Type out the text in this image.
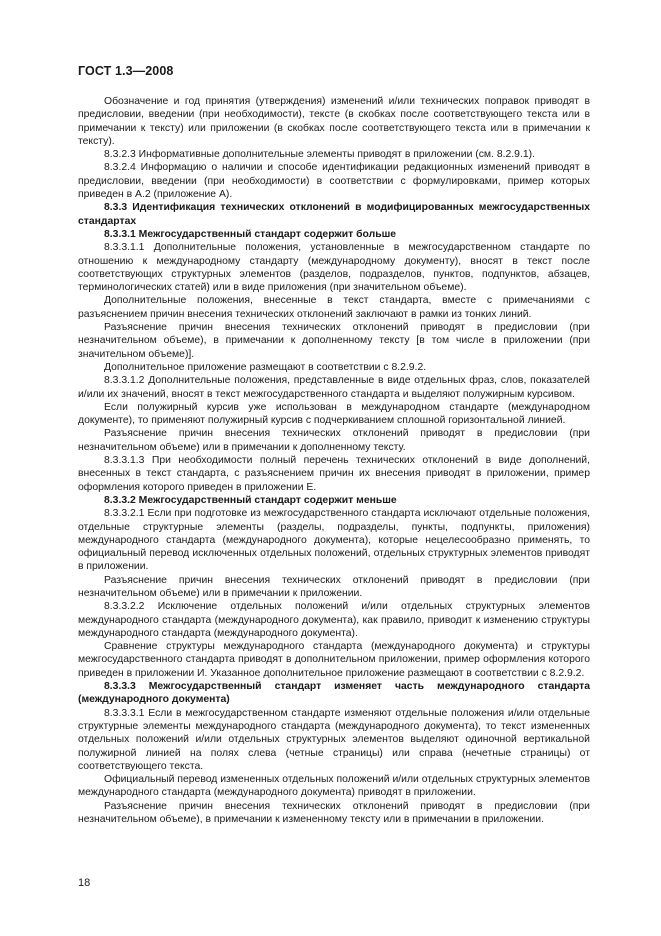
ГОСТ 1.3—2008

Обозначение и год принятия (утверждения) изменений и/или технических поправок приводят в предисловии, введении (при необходимости), тексте (в скобках после соответствующего текста или в примечании к тексту) или приложении (в скобках после соответствующего текста или в примечании к тексту).

8.3.2.3 Информативные дополнительные элементы приводят в приложении (см. 8.2.9.1).

8.3.2.4 Информацию о наличии и способе идентификации редакционных изменений приводят в предисловии, введении (при необходимости) в соответствии с формулировками, пример которых приведен в А.2 (приложение А).

8.3.3 Идентификация технических отклонений в модифицированных межгосударственных стандартах

8.3.3.1 Межгосударственный стандарт содержит больше

8.3.3.1.1 Дополнительные положения, установленные в межгосударственном стандарте по отношению к международному стандарту (международному документу), вносят в текст после соответствующих структурных элементов (разделов, подразделов, пунктов, подпунктов, абзацев, терминологических статей) или в виде приложения (при значительном объеме).

Дополнительные положения, внесенные в текст стандарта, вместе с примечаниями с разъяснением причин внесения технических отклонений заключают в рамки из тонких линий.

Разъяснение причин внесения технических отклонений приводят в предисловии (при незначительном объеме), в примечании к дополненному тексту [в том числе в приложении (при значительном объеме)].

Дополнительное приложение размещают в соответствии с 8.2.9.2.

8.3.3.1.2 Дополнительные положения, представленные в виде отдельных фраз, слов, показателей и/или их значений, вносят в текст межгосударственного стандарта и выделяют полужирным курсивом.

Если полужирный курсив уже использован в международном стандарте (международном документе), то применяют полужирный курсив с подчеркиванием сплошной горизонтальной линией.

Разъяснение причин внесения технических отклонений приводят в предисловии (при незначительном объеме) или в примечании к дополненному тексту.

8.3.3.1.3 При необходимости полный перечень технических отклонений в виде дополнений, внесенных в текст стандарта, с разъяснением причин их внесения приводят в приложении, пример оформления которого приведен в приложении Е.

8.3.3.2 Межгосударственный стандарт содержит меньше

8.3.3.2.1 Если при подготовке из межгосударственного стандарта исключают отдельные положения, отдельные структурные элементы (разделы, подразделы, пункты, подпункты, приложения) международного стандарта (международного документа), которые нецелесообразно применять, то официальный перевод исключенных отдельных положений, отдельных структурных элементов приводят в приложении.

Разъяснение причин внесения технических отклонений приводят в предисловии (при незначительном объеме) или в примечании к приложении.

8.3.3.2.2 Исключение отдельных положений и/или отдельных структурных элементов международного стандарта (международного документа), как правило, приводит к изменению структуры международного стандарта (международного документа).

Сравнение структуры международного стандарта (международного документа) и структуры межгосударственного стандарта приводят в дополнительном приложении, пример оформления которого приведен в приложении И. Указанное дополнительное приложение размещают в соответствии с 8.2.9.2.

8.3.3.3 Межгосударственный стандарт изменяет часть международного стандарта (международного документа)

8.3.3.3.1 Если в межгосударственном стандарте изменяют отдельные положения и/или отдельные структурные элементы международного стандарта (международного документа), то текст измененных отдельных положений и/или отдельных структурных элементов выделяют одиночной вертикальной полужирной линией на полях слева (четные страницы) или справа (нечетные страницы) от соответствующего текста.

Официальный перевод измененных отдельных положений и/или отдельных структурных элементов международного стандарта (международного документа) приводят в приложении.

Разъяснение причин внесения технических отклонений приводят в предисловии (при незначительном объеме), в примечании к измененному тексту или в примечании в приложении.

18
